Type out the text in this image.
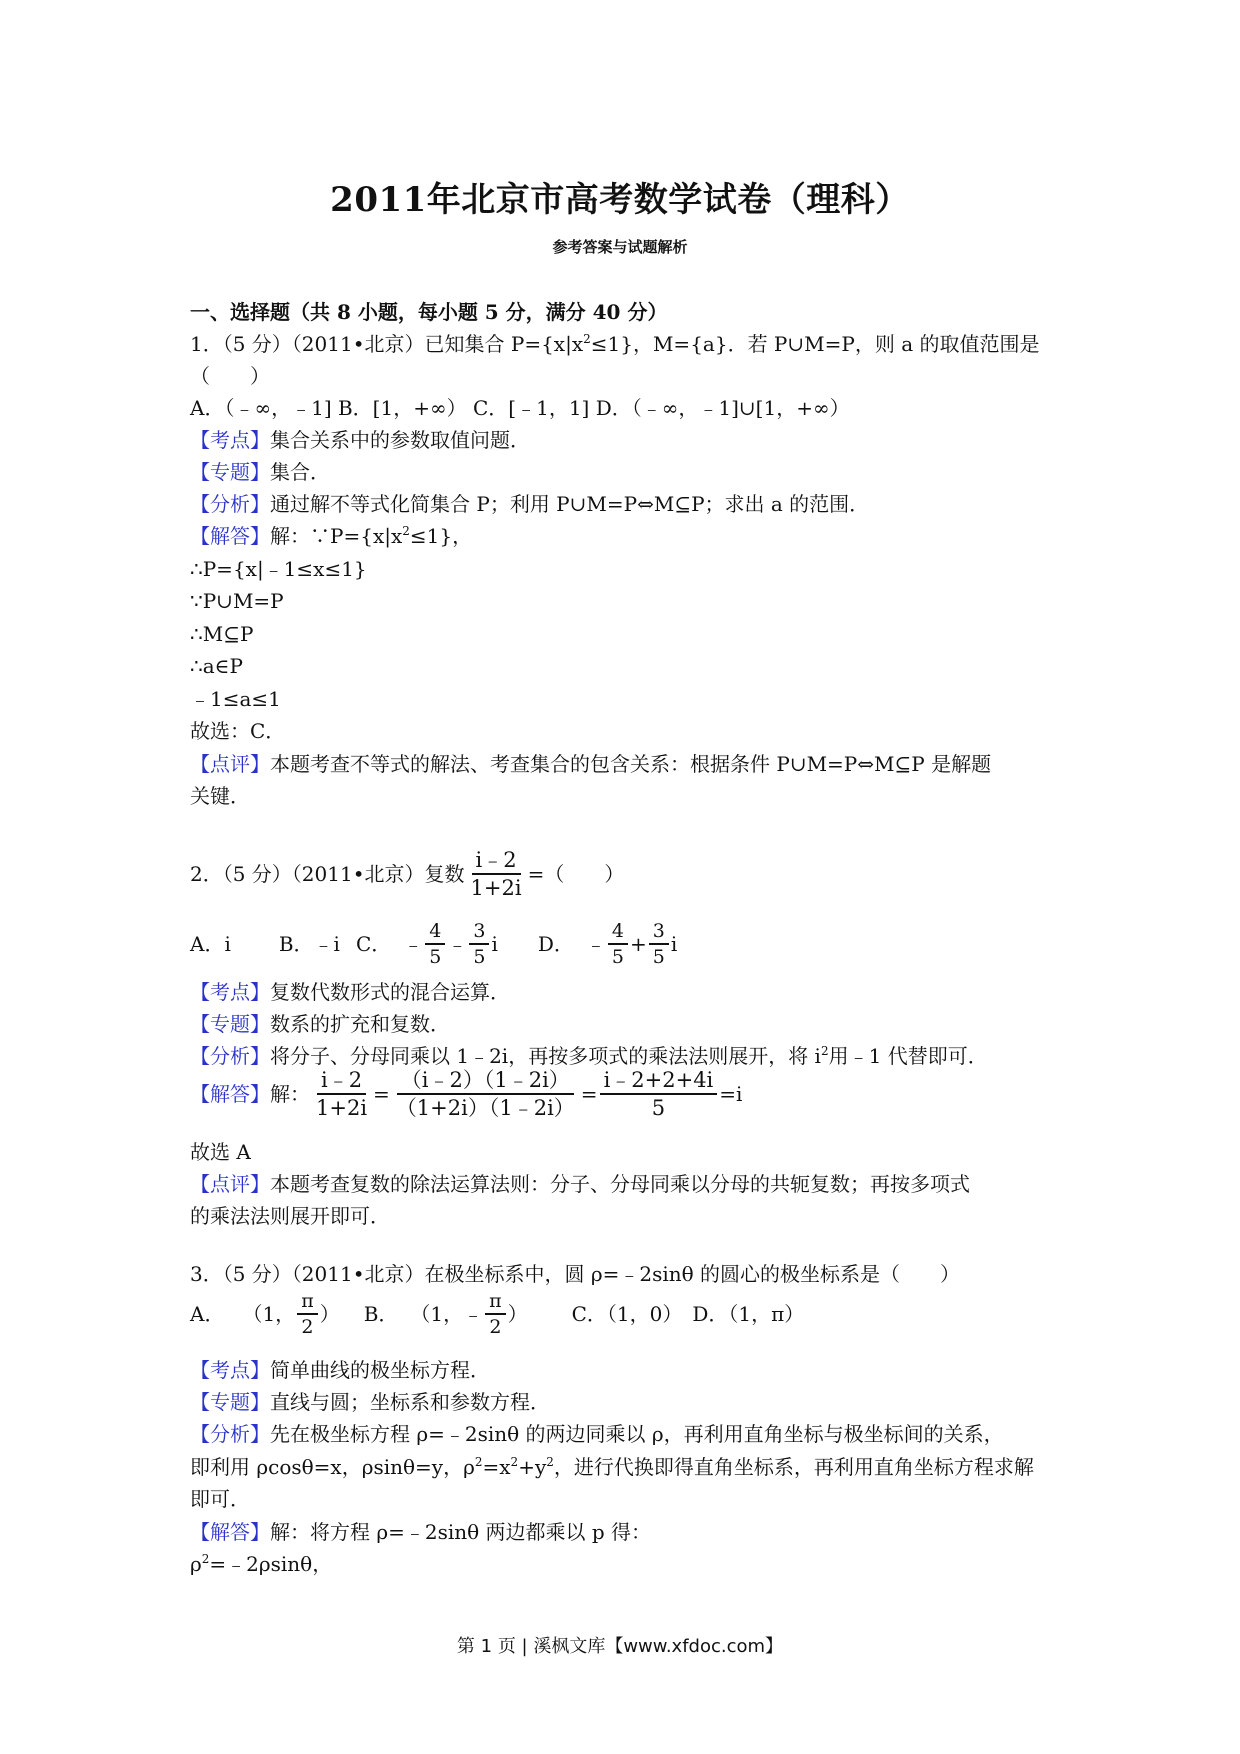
2011年北京市高考数学试卷（理科）
参考答案与试题解析
一、选择题（共 8 小题，每小题 5 分，满分 40 分）
1．（5 分）（2011•北京）已知集合 $P=\{x|x^2\le 1\}$，M={a}．若 P∪M=P，则 a 的取值范围是
（　　）
A．（﹣∞，﹣1] B．[1，+∞） C．[﹣1，1] D．（﹣∞，﹣1]∪[1，+∞）
【考点】集合关系中的参数取值问题．
【专题】集合．
【分析】通过解不等式化简集合 P；利用 P∪M=P⇔M⊆P；求出 a 的范围．
【解答】解：$\because P=\{x|x^2\le 1\}$，
∴P={x|﹣1≤x≤1}
∵P∪M=P
∴M⊆P
∴a∈P
﹣1≤a≤1
故选：C．
【点评】本题考查不等式的解法、考查集合的包含关系：根据条件 P∪M=P⇔M⊆P 是解题
关键．
2．（5 分）（2011•北京）复数 $\frac{i﹣2}{1+2i}$ =（　　）
A．i B．﹣i C． ﹣ $\frac{4}{5}$ ﹣ $\frac{3}{5}$ i D． ﹣ $\frac{4}{5} + \frac{3}{5}$ i
【考点】复数代数形式的混合运算．
【专题】数系的扩充和复数．
【分析】将分子、分母同乘以 1﹣2i，再按多项式的乘法法则展开，将 $i^2$用﹣1 代替即可．
【解答】 解： $\frac{i﹣2}{1+2i} = \frac{(i﹣2)(1﹣2i)}{(1+2i)(1﹣2i)} = \frac{i﹣2+2+4i}{5} =i$
故选 A
【点评】本题考查复数的除法运算法则：分子、分母同乘以分母的共轭复数；再按多项式
的乘法法则展开即可．
3．（5 分）（2011•北京）在极坐标系中，圆 ρ=﹣2sinθ 的圆心的极坐标系是（　　）
A． （1， $\frac{\pi}{2}$ ） B． （1，﹣ $\frac{\pi}{2}$ ） C．（1，0） D．（1，π）
【考点】简单曲线的极坐标方程．
【专题】直线与圆；坐标系和参数方程．
【分析】先在极坐标方程 ρ=﹣2sinθ 的两边同乘以 ρ，再利用直角坐标与极坐标间的关系，
即利用 ρcosθ=x，ρsinθ=y，$\rho^2=x^2+y^2$，进行代换即得直角坐标系，再利用直角坐标方程求解
即可．
【解答】解：将方程 ρ=﹣2sinθ 两边都乘以 p 得：
$\rho^2=﹣2\rho\sin\theta$，
第 1 页 | 溪枫文库【www.xfdoc.com】
